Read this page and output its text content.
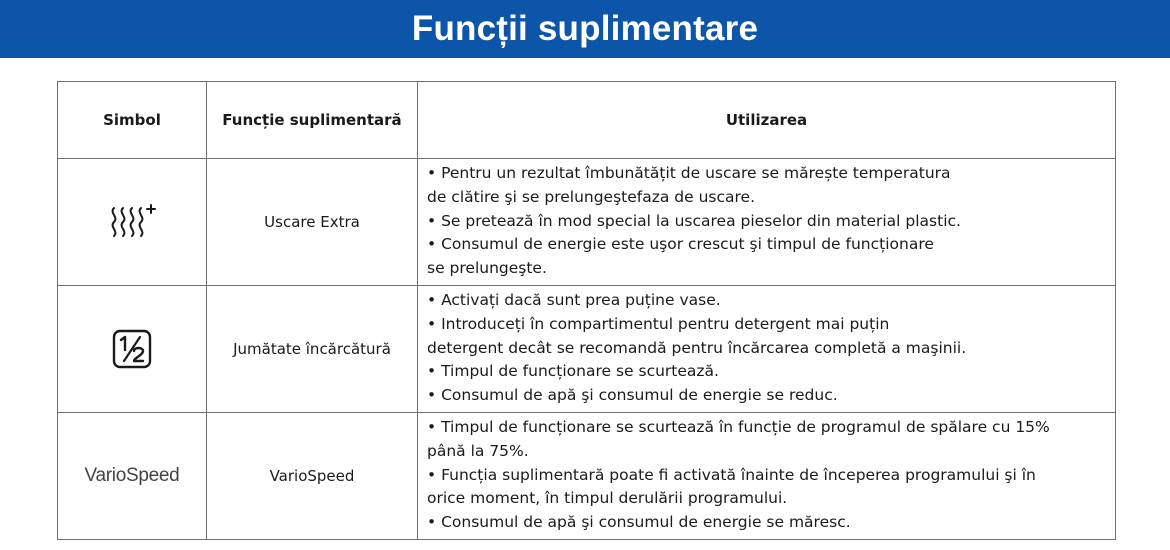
Funcții suplimentare
Simbol	Funcție suplimentară	Utilizarea
	Uscare Extra	• Pentru un rezultat îmbunătățit de uscare se mărește temperatura
de clătire şi se prelungeştefaza de uscare.
• Se pretează în mod special la uscarea pieselor din material plastic.
• Consumul de energie este uşor crescut şi timpul de funcționare
se prelungeşte.

	Jumătate încărcătură	• Activați dacă sunt prea puține vase.
• Introduceți în compartimentul pentru detergent mai puțin
detergent decât se recomandă pentru încărcarea completă a maşinii.
• Timpul de funcționare se scurtează.
• Consumul de apă şi consumul de energie se reduc.

VarioSpeed	VarioSpeed	• Timpul de funcționare se scurtează în funcție de programul de spălare cu 15%
până la 75%.
• Funcția suplimentară poate fi activată înainte de începerea programului şi în
orice moment, în timpul derulării programului.
• Consumul de apă şi consumul de energie se măresc.
